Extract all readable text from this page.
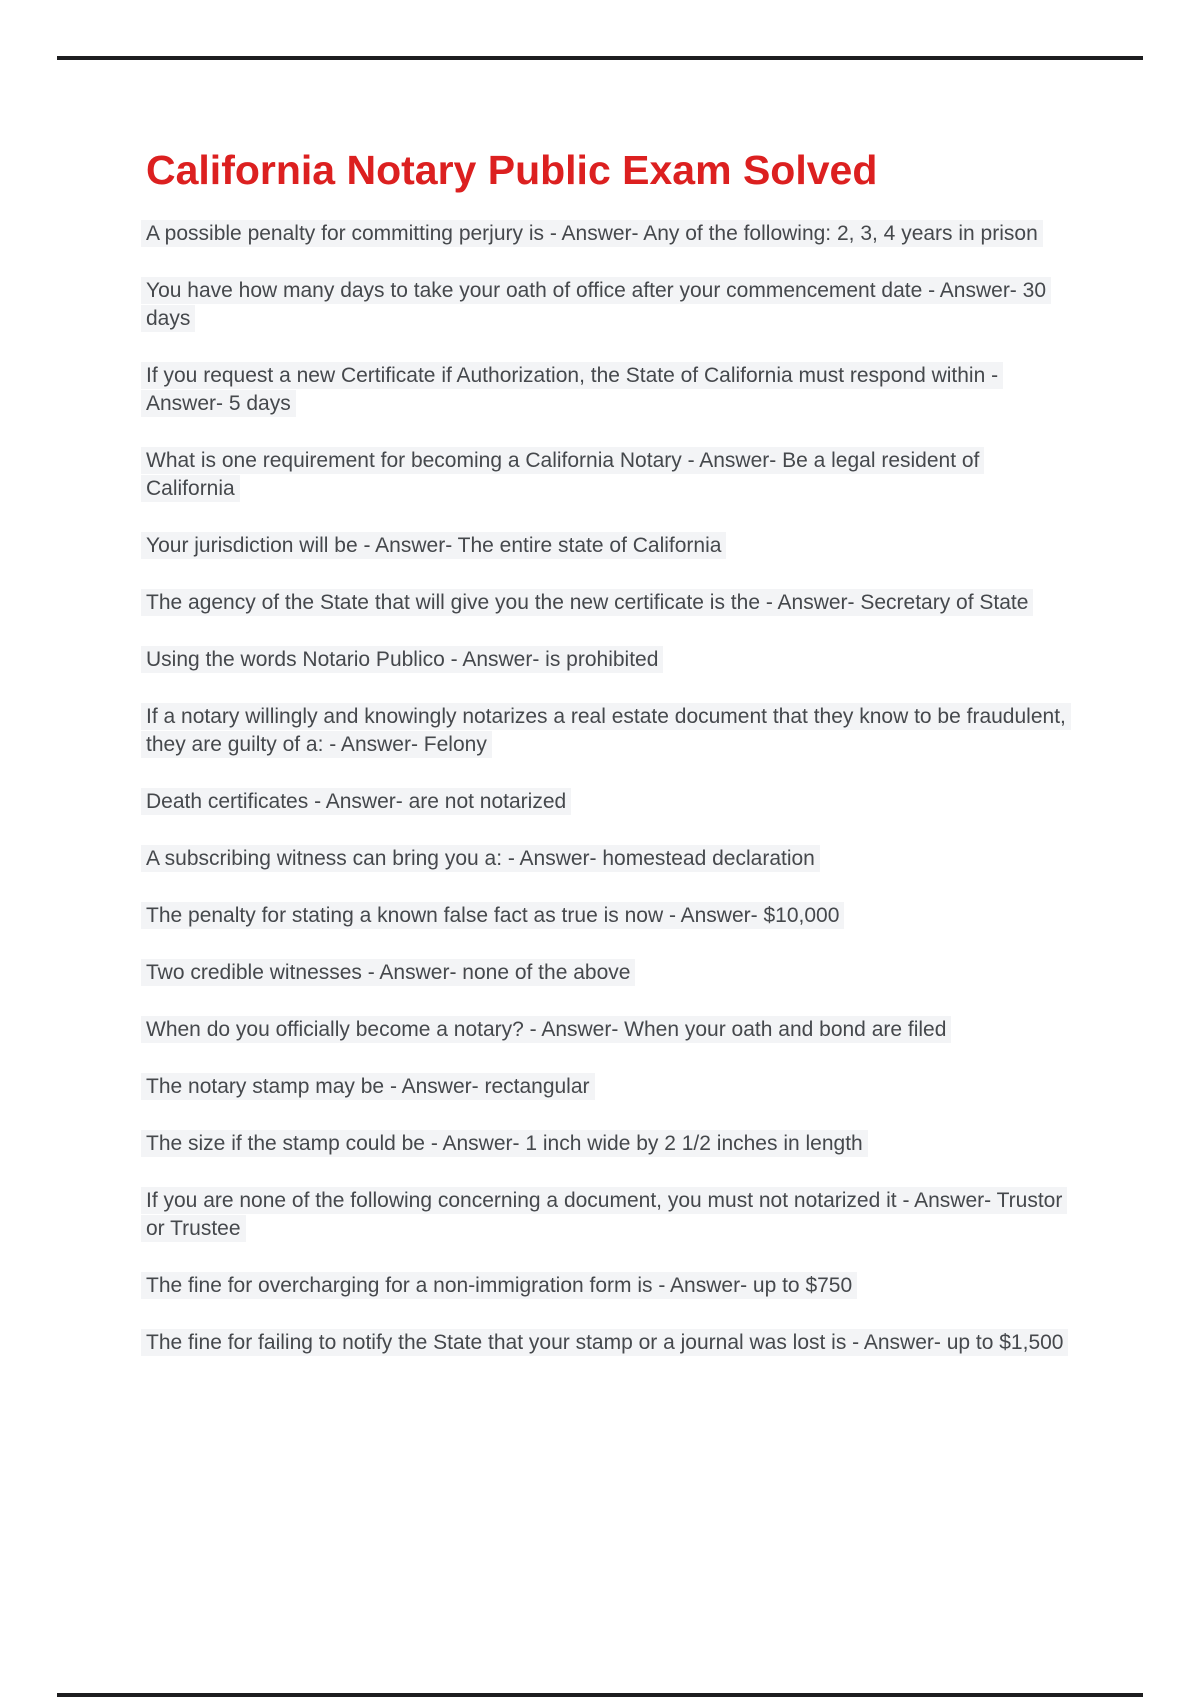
California Notary Public Exam Solved

A possible penalty for committing perjury is - Answer- Any of the following: 2, 3, 4 years in prison

You have how many days to take your oath of office after your commencement date - Answer- 30 days

If you request a new Certificate if Authorization, the State of California must respond within - Answer- 5 days

What is one requirement for becoming a California Notary - Answer- Be a legal resident of California

Your jurisdiction will be - Answer- The entire state of California

The agency of the State that will give you the new certificate is the - Answer- Secretary of State

Using the words Notario Publico - Answer- is prohibited

If a notary willingly and knowingly notarizes a real estate document that they know to be fraudulent, they are guilty of a: - Answer- Felony

Death certificates - Answer- are not notarized

A subscribing witness can bring you a: - Answer- homestead declaration

The penalty for stating a known false fact as true is now - Answer- $10,000

Two credible witnesses - Answer- none of the above

When do you officially become a notary? - Answer- When your oath and bond are filed

The notary stamp may be - Answer- rectangular

The size if the stamp could be - Answer- 1 inch wide by 2 1/2 inches in length

If you are none of the following concerning a document, you must not notarized it - Answer- Trustor or Trustee

The fine for overcharging for a non-immigration form is - Answer- up to $750

The fine for failing to notify the State that your stamp or a journal was lost is - Answer- up to $1,500
